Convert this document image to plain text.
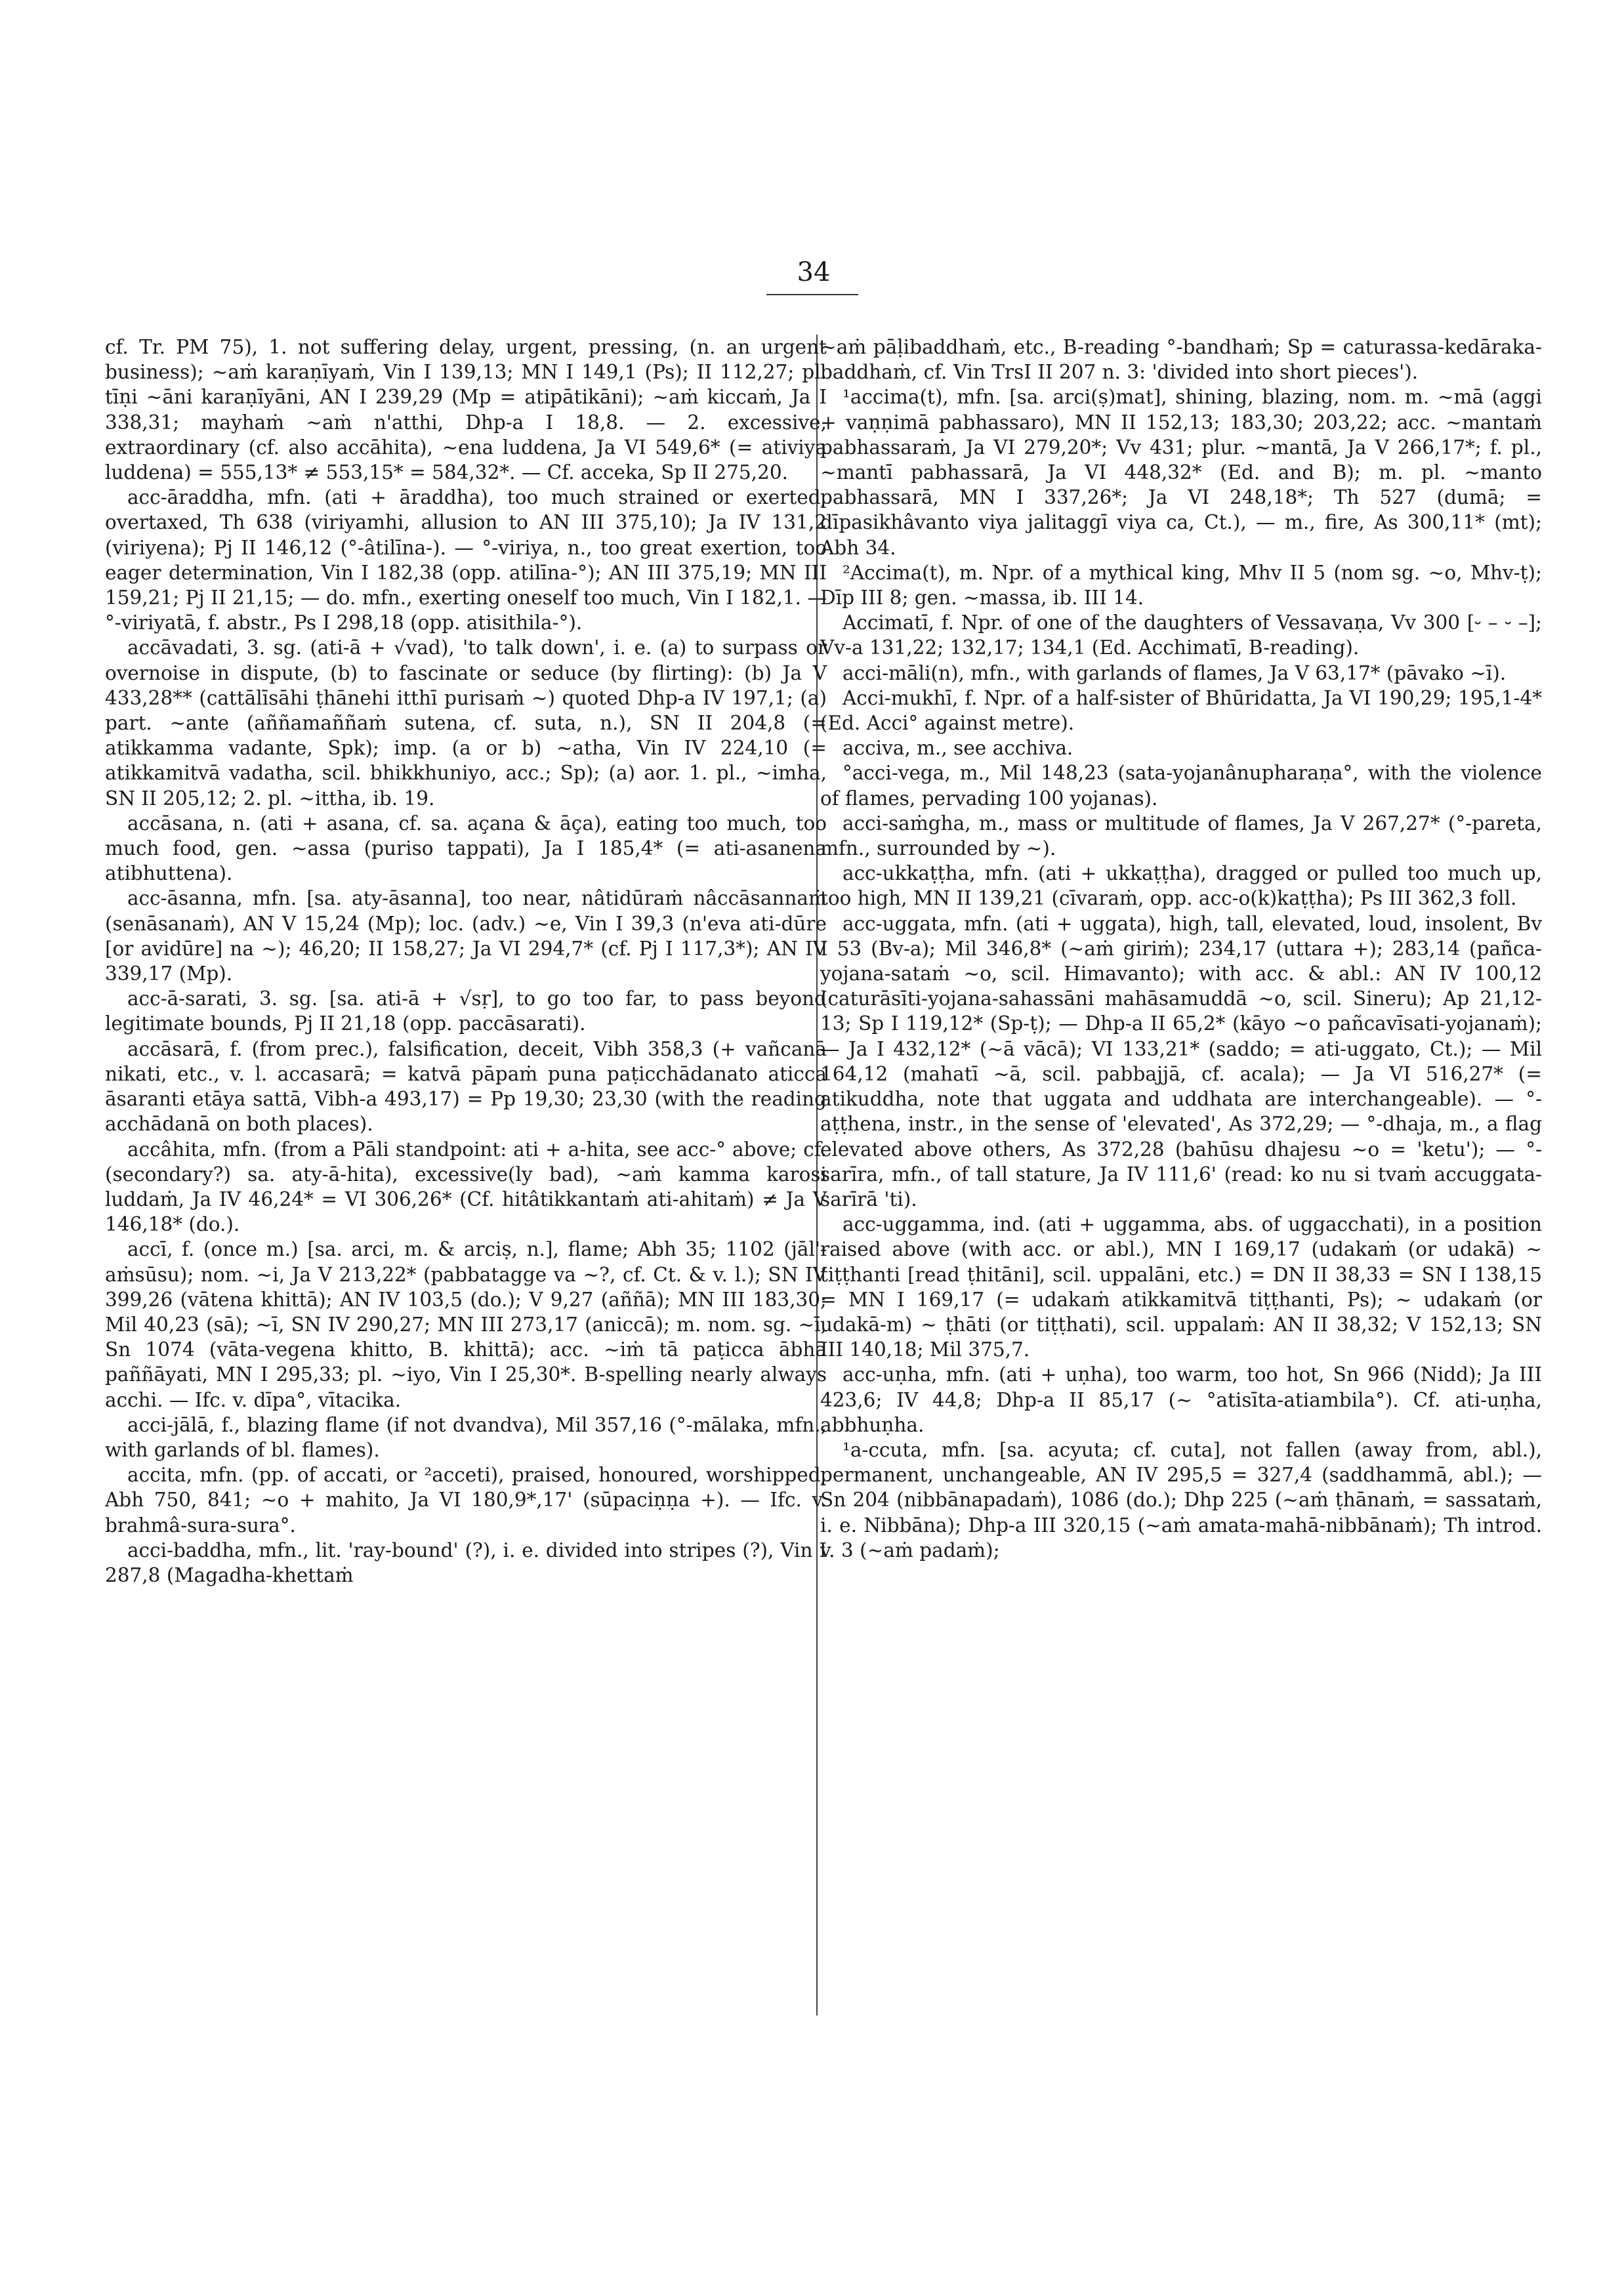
34

cf. Tr. PM 75), 1. not suffering delay, urgent, pressing, (n. an urgent business); ~aṁ karaṇīyaṁ, Vin I 139,13; MN I 149,1 (Ps); II 112,27; pl. tīṇi ~āni karaṇīyāni, AN I 239,29 (Mp = atipātikāni); ~aṁ kiccaṁ, Ja I 338,31; mayhaṁ ~aṁ n'atthi, Dhp-a I 18,8. — 2. excessive, extraordinary (cf. also accāhita), ~ena luddena, Ja VI 549,6* (= ativiya luddena) = 555,13* ≠ 553,15* = 584,32*. — Cf. acceka, Sp II 275,20.

acc-āraddha, mfn. (ati + āraddha), too much strained or exerted, overtaxed, Th 638 (viriyamhi, allusion to AN III 375,10); Ja IV 131,2 (viriyena); Pj II 146,12 (°-âtilīna-). — °-viriya, n., too great exertion, too eager determination, Vin I 182,38 (opp. atilīna-°); AN III 375,19; MN III 159,21; Pj II 21,15; — do. mfn., exerting oneself too much, Vin I 182,1. — °-viriyatā, f. abstr., Ps I 298,18 (opp. atisithila-°).

accāvadati, 3. sg. (ati-ā + √vad), 'to talk down', i. e. (a) to surpass or overnoise in dispute, (b) to fascinate or seduce (by flirting): (b) Ja V 433,28** (cattālīsāhi ṭhānehi itthī purisaṁ ~) quoted Dhp-a IV 197,1; (a) part. ~ante (aññamaññaṁ sutena, cf. suta, n.), SN II 204,8 (= atikkamma vadante, Spk); imp. (a or b) ~atha, Vin IV 224,10 (= atikkamitvā vadatha, scil. bhikkhuniyo, acc.; Sp); (a) aor. 1. pl., ~imha, SN II 205,12; 2. pl. ~ittha, ib. 19.

accāsana, n. (ati + asana, cf. sa. açana & āça), eating too much, too much food, gen. ~assa (puriso tappati), Ja I 185,4* (= ati-asanena atibhuttena).

acc-āsanna, mfn. [sa. aty-āsanna], too near, nâtidūraṁ nâccāsannaṁ (senāsanaṁ), AN V 15,24 (Mp); loc. (adv.) ~e, Vin I 39,3 (n'eva ati-dūre [or avidūre] na ~); 46,20; II 158,27; Ja VI 294,7* (cf. Pj I 117,3*); AN IV 339,17 (Mp).

acc-ā-sarati, 3. sg. [sa. ati-ā + √sṛ], to go too far, to pass beyond legitimate bounds, Pj II 21,18 (opp. paccāsarati).

accāsarā, f. (from prec.), falsification, deceit, Vibh 358,3 (+ vañcanā nikati, etc., v. l. accasarā; = katvā pāpaṁ puna paṭicchādanato aticca āsaranti etāya sattā, Vibh-a 493,17) = Pp 19,30; 23,30 (with the reading acchādanā on both places).

accâhita, mfn. (from a Pāli standpoint: ati + a-hita, see acc-° above; cf. (secondary?) sa. aty-ā-hita), excessive(ly bad), ~aṁ kamma karosi luddaṁ, Ja IV 46,24* = VI 306,26* (Cf. hitâtikkantaṁ ati-ahitaṁ) ≠ Ja V 146,18* (do.).

accī, f. (once m.) [sa. arci, m. & arciṣ, n.], flame; Abh 35; 1102 (jāl'-aṁsūsu); nom. ~i, Ja V 213,22* (pabbatagge va ~?, cf. Ct. & v. l.); SN IV 399,26 (vātena khittā); AN IV 103,5 (do.); V 9,27 (aññā); MN III 183,30; Mil 40,23 (sā); ~ī, SN IV 290,27; MN III 273,17 (aniccā); m. nom. sg. ~ī, Sn 1074 (vāta-vegena khitto, B. khittā); acc. ~iṁ tā paṭicca ābhā paññāyati, MN I 295,33; pl. ~iyo, Vin I 25,30*. B-spelling nearly always acchi. — Ifc. v. dīpa°, vītacika.

acci-jālā, f., blazing flame (if not dvandva), Mil 357,16 (°-mālaka, mfn., with garlands of bl. flames).

accita, mfn. (pp. of accati, or ²acceti), praised, honoured, worshipped, Abh 750, 841; ~o + mahito, Ja VI 180,9*,17' (sūpaciṇṇa +). — Ifc. v. brahmâ-sura-sura°.

acci-baddha, mfn., lit. 'ray-bound' (?), i. e. divided into stripes (?), Vin I 287,8 (Magadha-khettaṁ

~aṁ pāḷibaddhaṁ, etc., B-reading °-bandhaṁ; Sp = caturassa-kedāraka-baddhaṁ, cf. Vin TrsI II 207 n. 3: 'divided into short pieces').

¹accima(t), mfn. [sa. arci(ṣ)mat], shining, blazing, nom. m. ~mā (aggi + vaṇṇimā pabhassaro), MN II 152,13; 183,30; 203,22; acc. ~mantaṁ pabhassaraṁ, Ja VI 279,20*; Vv 431; plur. ~mantā, Ja V 266,17*; f. pl., ~mantī pabhassarā, Ja VI 448,32* (Ed. and B); m. pl. ~manto pabhassarā, MN I 337,26*; Ja VI 248,18*; Th 527 (dumā; = dīpasikhâvanto viya jalitaggī viya ca, Ct.), — m., fire, As 300,11* (mt); Abh 34.

²Accima(t), m. Npr. of a mythical king, Mhv II 5 (nom sg. ~o, Mhv-ṭ); Dīp III 8; gen. ~massa, ib. III 14.

Accimatī, f. Npr. of one of the daughters of Vessavaṇa, Vv 300 [⏑ – ⏑ –]; Vv-a 131,22; 132,17; 134,1 (Ed. Acchimatī, B-reading).

acci-māli(n), mfn., with garlands of flames, Ja V 63,17* (pāvako ~ī).

Acci-mukhī, f. Npr. of a half-sister of Bhūridatta, Ja VI 190,29; 195,1-4* (Ed. Acci° against metre).

acciva, m., see acchiva.

°acci-vega, m., Mil 148,23 (sata-yojanânupharaṇa°, with the violence of flames, pervading 100 yojanas).

acci-saṁgha, m., mass or multitude of flames, Ja V 267,27* (°-pareta, mfn., surrounded by ~).

acc-ukkaṭṭha, mfn. (ati + ukkaṭṭha), dragged or pulled too much up, too high, MN II 139,21 (cīvaraṁ, opp. acc-o(k)kaṭṭha); Ps III 362,3 foll.

acc-uggata, mfn. (ati + uggata), high, tall, elevated, loud, insolent, Bv I 53 (Bv-a); Mil 346,8* (~aṁ giriṁ); 234,17 (uttara +); 283,14 (pañca-yojana-sataṁ ~o, scil. Himavanto); with acc. & abl.: AN IV 100,12 (caturāsīti-yojana-sahassāni mahāsamuddā ~o, scil. Sineru); Ap 21,12-13; Sp I 119,12* (Sp-ṭ); — Dhp-a II 65,2* (kāyo ~o pañcavīsati-yojanaṁ); — Ja I 432,12* (~ā vācā); VI 133,21* (saddo; = ati-uggato, Ct.); — Mil 164,12 (mahatī ~ā, scil. pabbajjā, cf. acala); — Ja VI 516,27* (= atikuddha, note that uggata and uddhata are interchangeable). — °-aṭṭhena, instr., in the sense of 'elevated', As 372,29; — °-dhaja, m., a flag elevated above others, As 372,28 (bahūsu dhajesu ~o = 'ketu'); — °-sarīra, mfn., of tall stature, Ja IV 111,6' (read: ko nu si tvaṁ accuggata-sarīrā 'ti).

acc-uggamma, ind. (ati + uggamma, abs. of uggacchati), in a position raised above (with acc. or abl.), MN I 169,17 (udakaṁ (or udakā) ~ tiṭṭhanti [read ṭhitāni], scil. uppalāni, etc.) = DN II 38,33 = SN I 138,15 = MN I 169,17 (= udakaṁ atikkamitvā tiṭṭhanti, Ps); ~ udakaṁ (or udakā-m) ~ ṭhāti (or tiṭṭhati), scil. uppalaṁ: AN II 38,32; V 152,13; SN III 140,18; Mil 375,7.

acc-uṇha, mfn. (ati + uṇha), too warm, too hot, Sn 966 (Nidd); Ja III 423,6; IV 44,8; Dhp-a II 85,17 (~ °atisīta-atiambila°). Cf. ati-uṇha, abbhuṇha.

¹a-ccuta, mfn. [sa. acyuta; cf. cuta], not fallen (away from, abl.), permanent, unchangeable, AN IV 295,5 = 327,4 (saddhammā, abl.); — Sn 204 (nibbānapadaṁ), 1086 (do.); Dhp 225 (~aṁ ṭhānaṁ, = sassataṁ, i. e. Nibbāna); Dhp-a III 320,15 (~aṁ amata-mahā-nibbānaṁ); Th introd. v. 3 (~aṁ padaṁ);
